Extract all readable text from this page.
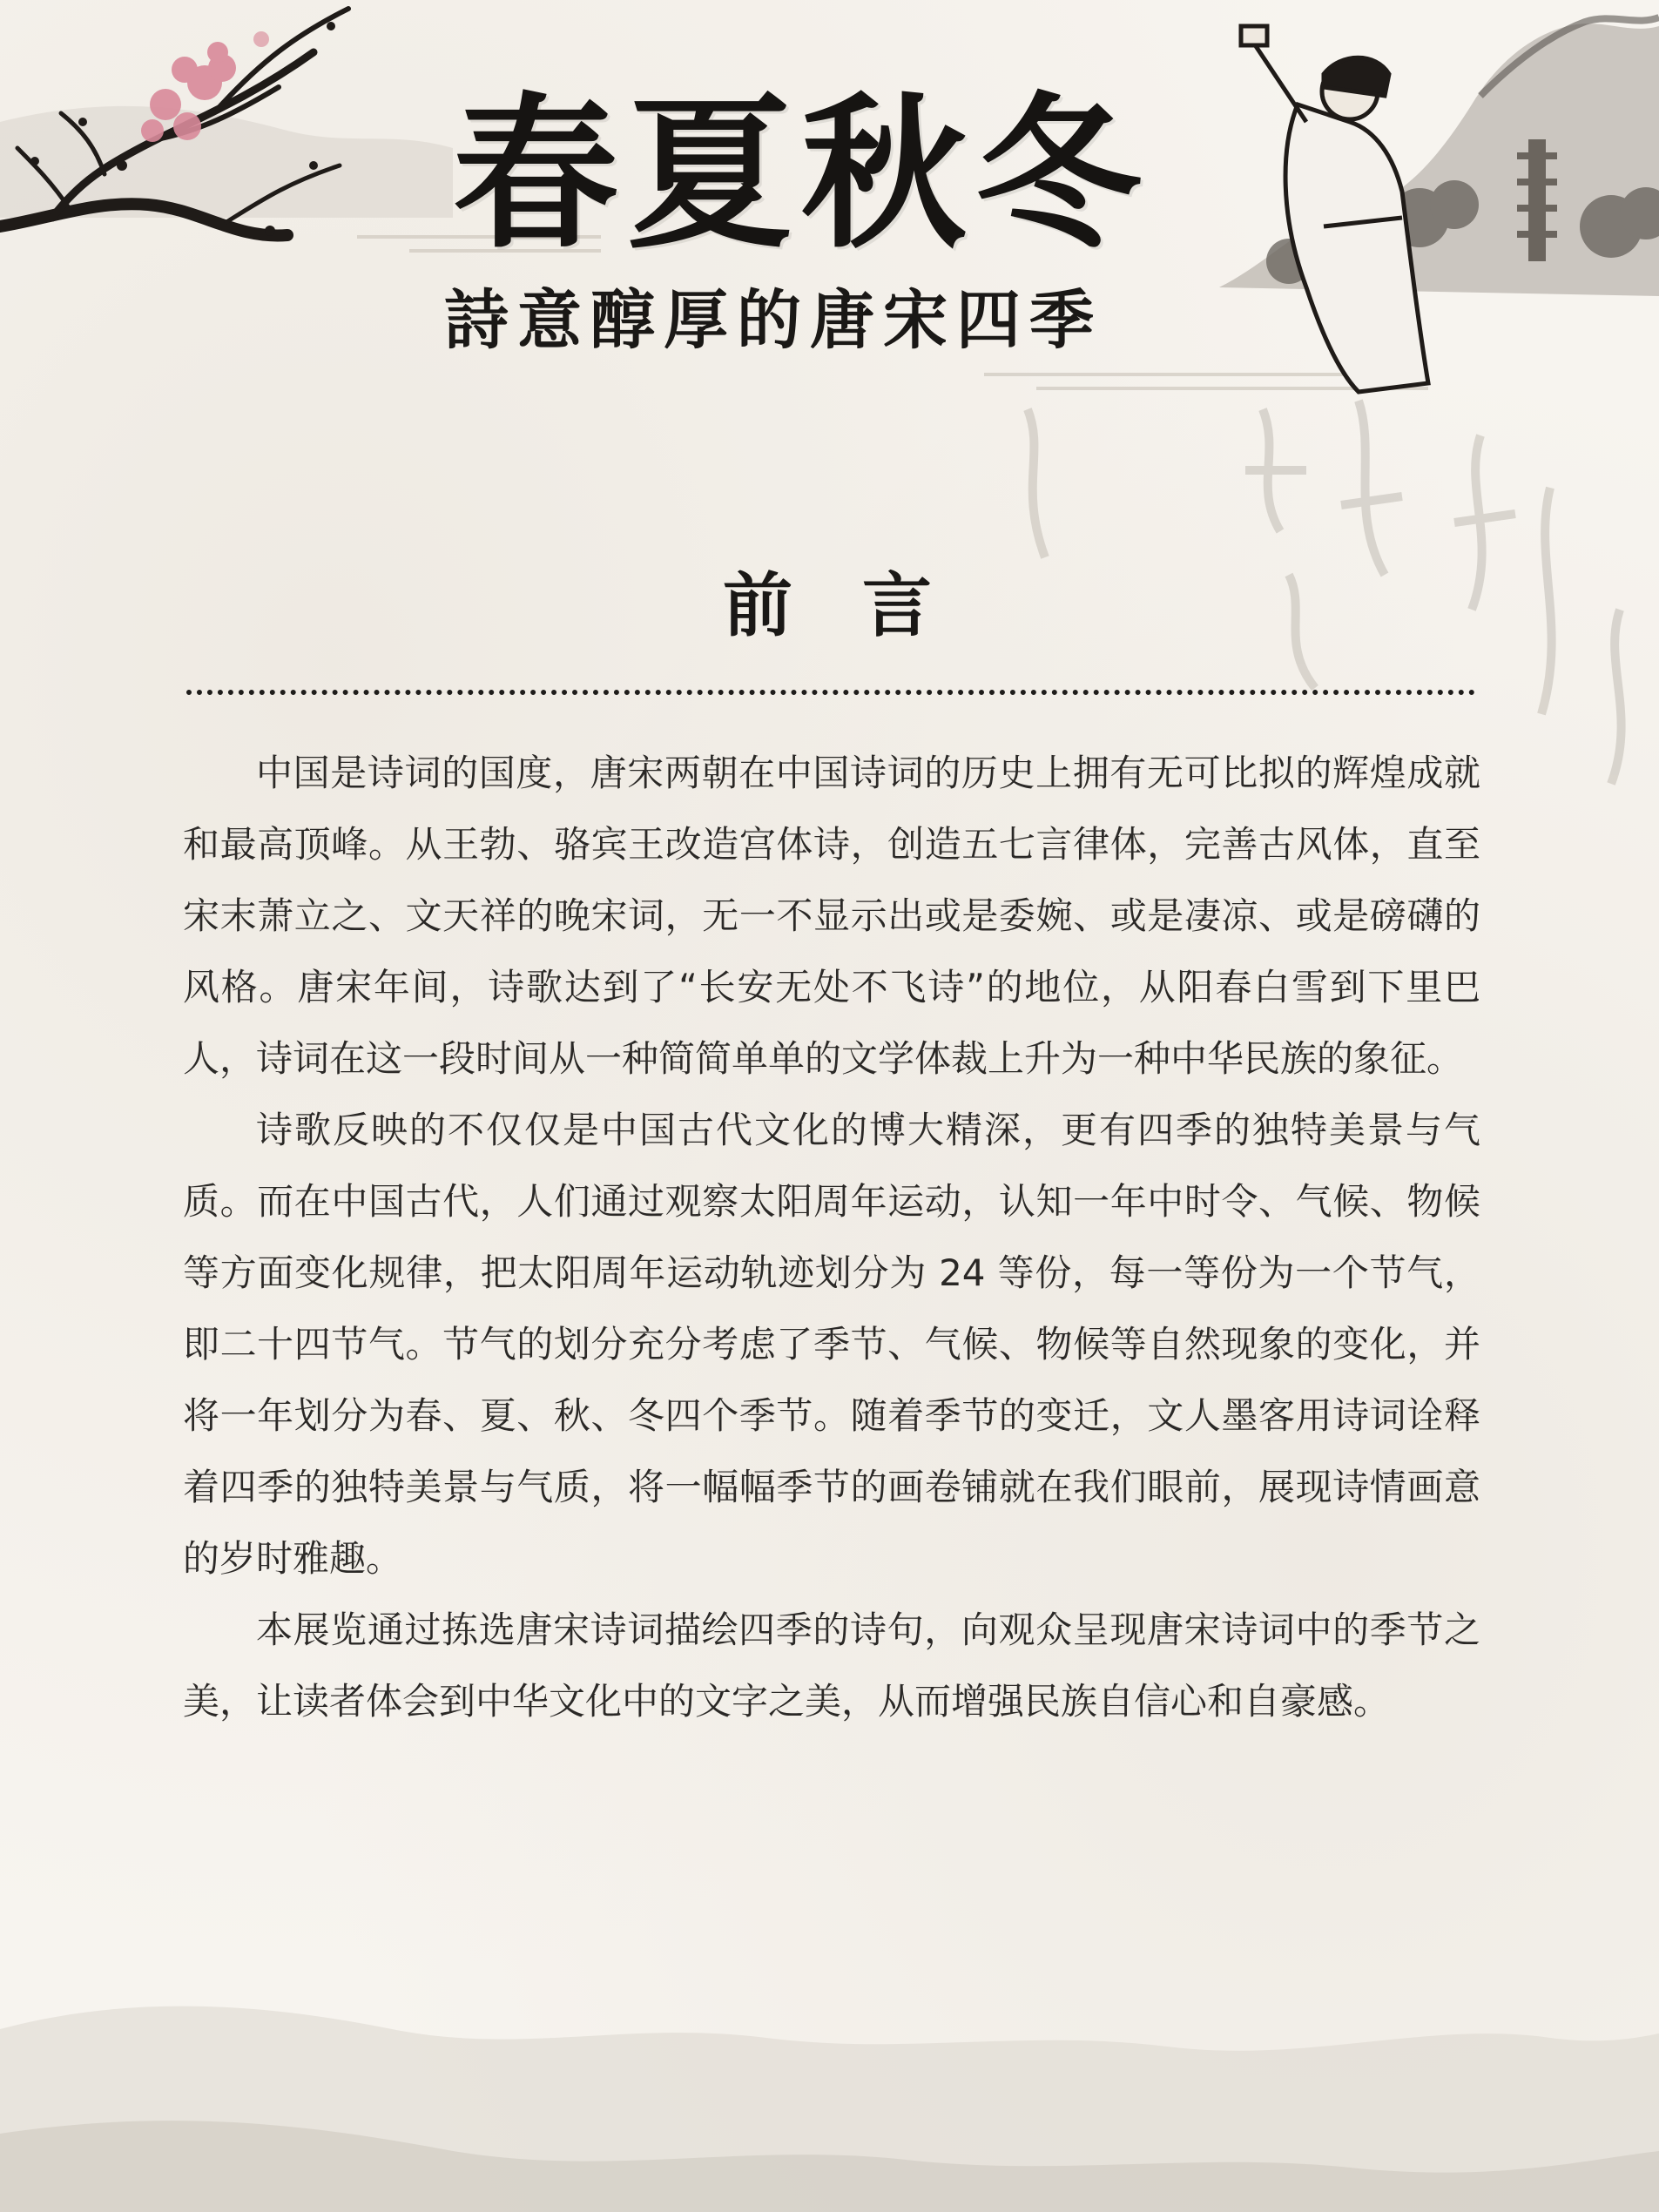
春夏秋冬
詩意醇厚的唐宋四季
前言

中国是诗词的国度，唐宋两朝在中国诗词的历史上拥有无可比拟的辉煌成就和最高顶峰。从王勃、骆宾王改造宫体诗，创造五七言律体，完善古风体，直至宋末萧立之、文天祥的晚宋词，无一不显示出或是委婉、或是凄凉、或是磅礴的风格。唐宋年间，诗歌达到了“长安无处不飞诗”的地位，从阳春白雪到下里巴人，诗词在这一段时间从一种简简单单的文学体裁上升为一种中华民族的象征。

诗歌反映的不仅仅是中国古代文化的博大精深，更有四季的独特美景与气质。而在中国古代，人们通过观察太阳周年运动，认知一年中时令、气候、物候等方面变化规律，把太阳周年运动轨迹划分为 24 等份，每一等份为一个节气，即二十四节气。节气的划分充分考虑了季节、气候、物候等自然现象的变化，并将一年划分为春、夏、秋、冬四个季节。随着季节的变迁，文人墨客用诗词诠释着四季的独特美景与气质，将一幅幅季节的画卷铺就在我们眼前，展现诗情画意的岁时雅趣。

本展览通过拣选唐宋诗词描绘四季的诗句，向观众呈现唐宋诗词中的季节之美，让读者体会到中华文化中的文字之美，从而增强民族自信心和自豪感。
